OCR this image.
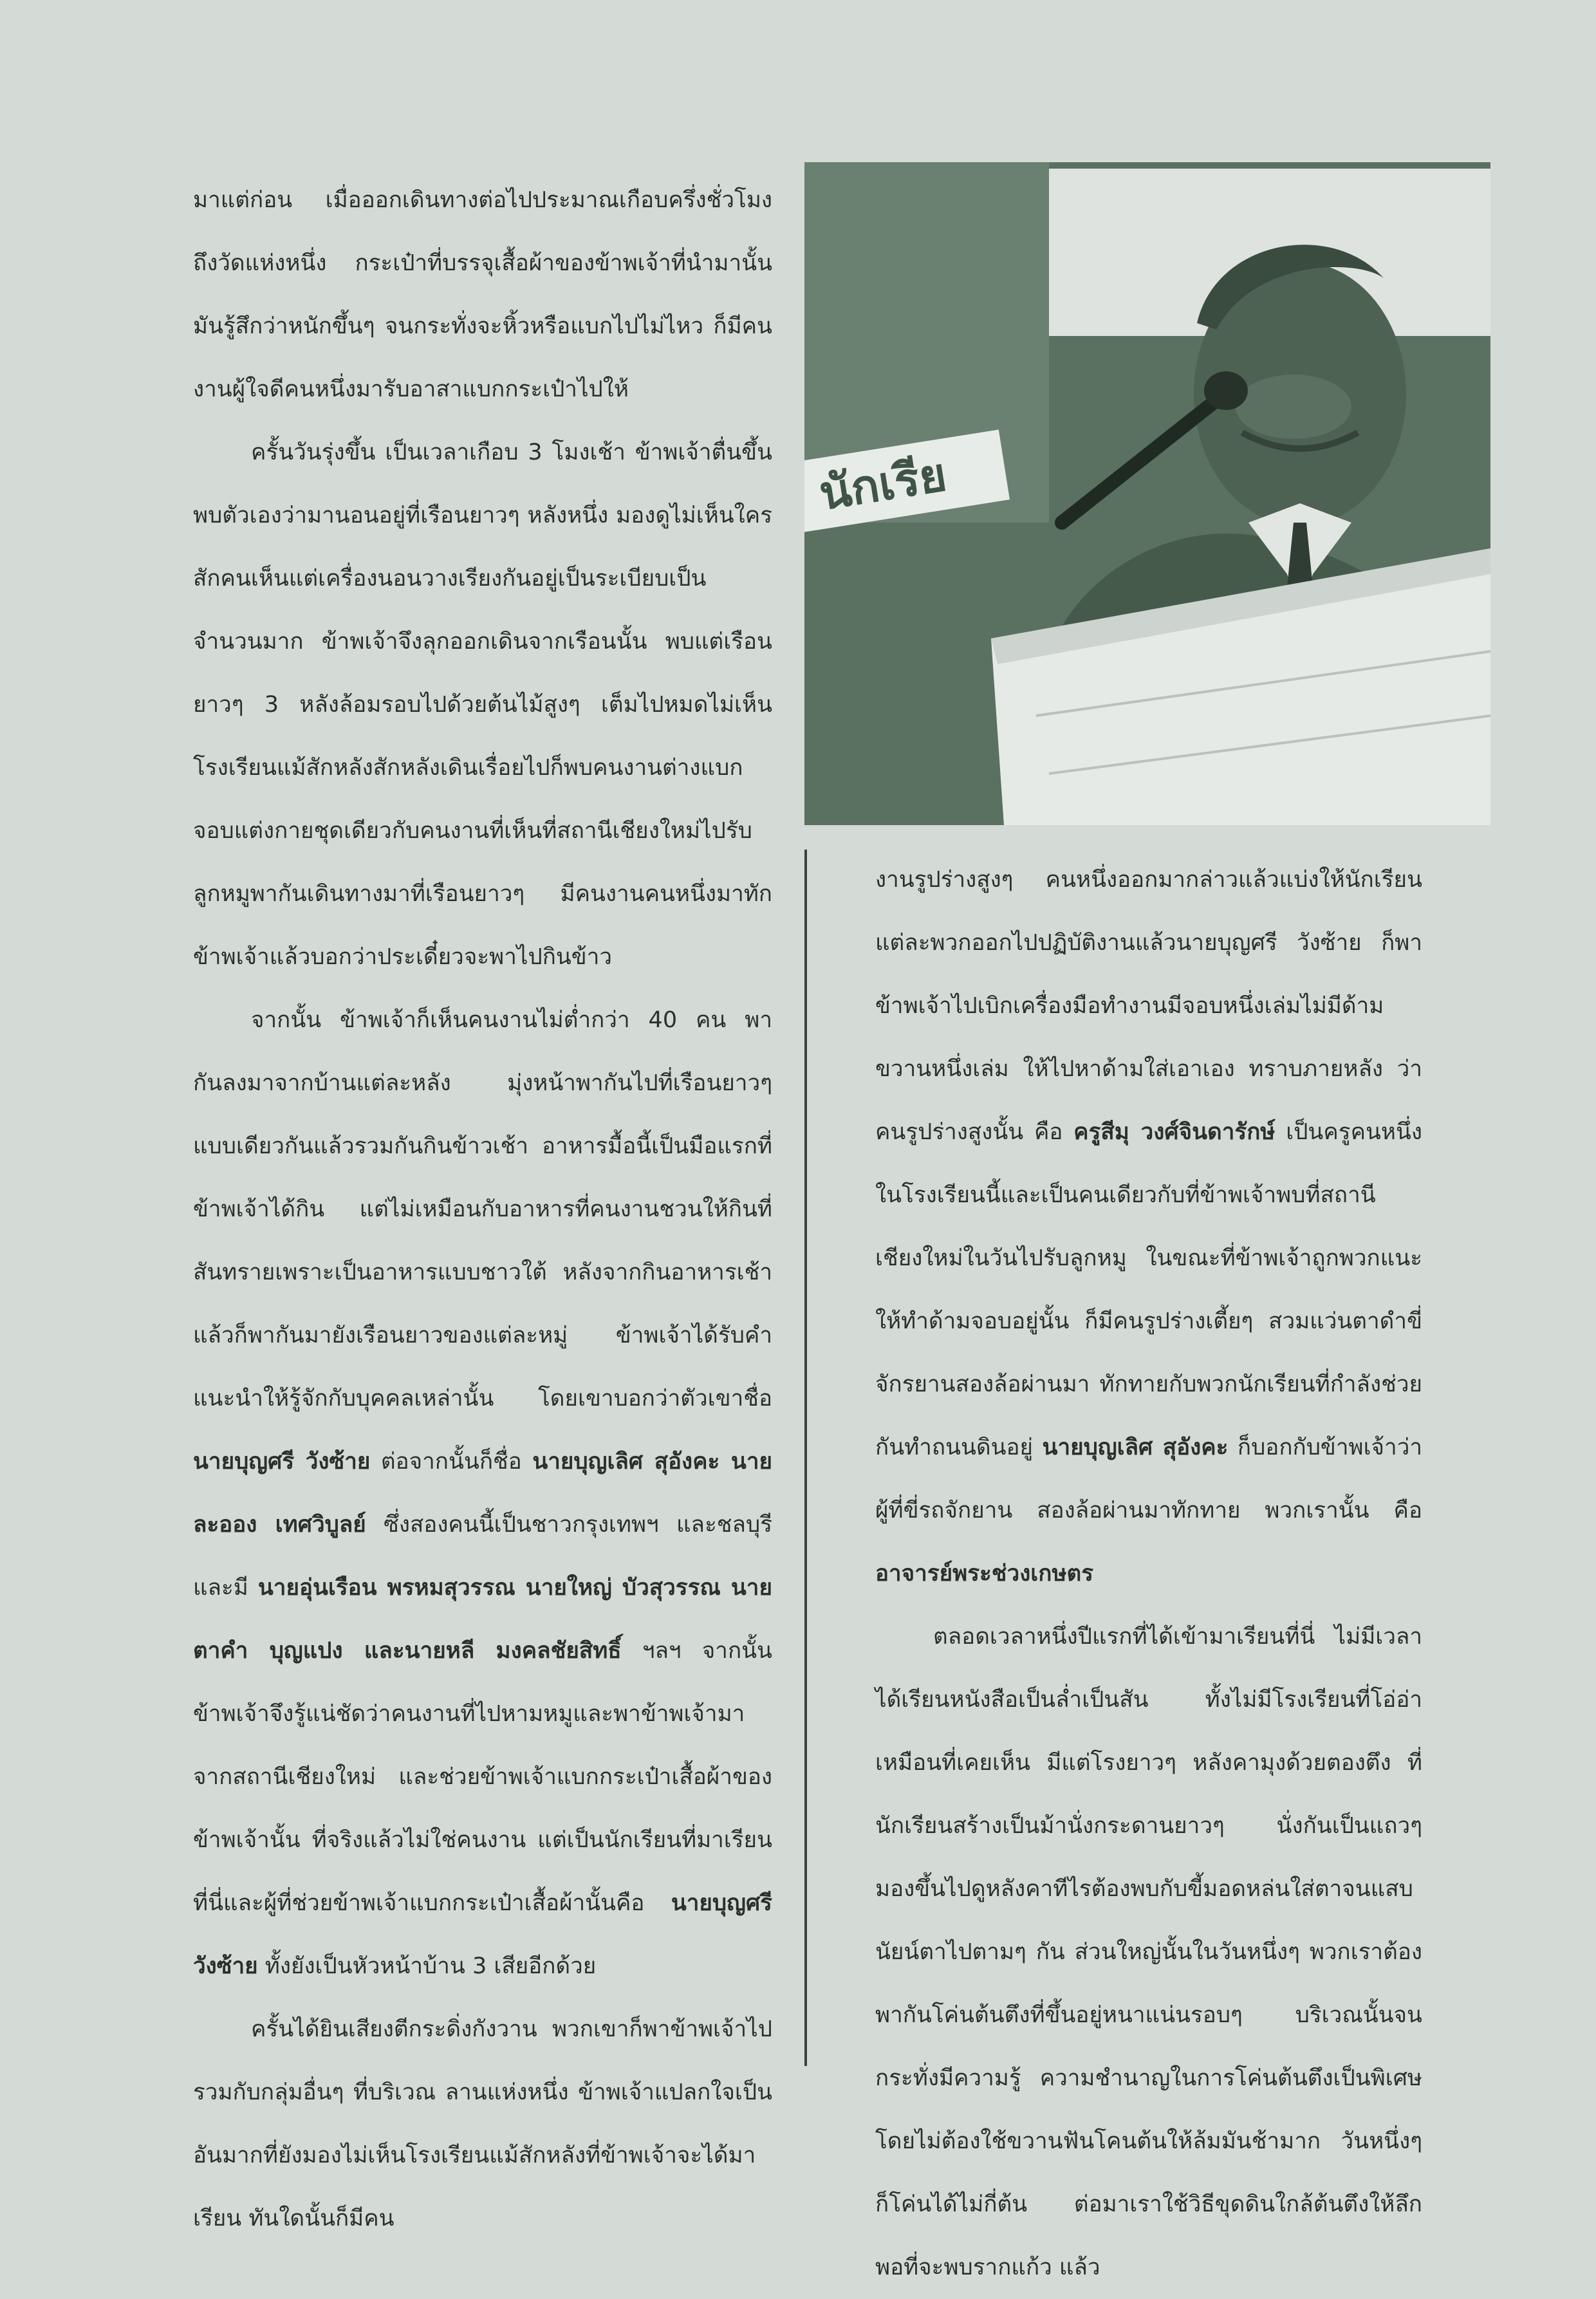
มาแต่ก่อน เมื่อออกเดินทางต่อไปประมาณเกือบครึ่งชั่วโมง ถึงวัดแห่งหนึ่ง กระเป๋าที่บรรจุเสื้อผ้าของข้าพเจ้าที่นำมานั้น มันรู้สึกว่าหนักขึ้นๆ จนกระทั่งจะหิ้วหรือแบกไปไม่ไหว ก็มีคนงานผู้ใจดีคนหนึ่งมารับอาสาแบกกระเป๋าไปให้

ครั้นวันรุ่งขึ้น เป็นเวลาเกือบ 3 โมงเช้า ข้าพเจ้าตื่นขึ้นพบตัวเองว่ามานอนอยู่ที่เรือนยาวๆ หลังหนึ่ง มองดูไม่เห็นใครสักคนเห็นแต่เครื่องนอนวางเรียงกันอยู่เป็นระเบียบเป็นจำนวนมาก ข้าพเจ้าจึงลุกออกเดินจากเรือนนั้น พบแต่เรือนยาวๆ 3 หลังล้อมรอบไปด้วยต้นไม้สูงๆ เต็มไปหมดไม่เห็นโรงเรียนแม้สักหลังสักหลังเดินเรื่อยไปก็พบคนงานต่างแบกจอบแต่งกายชุดเดียวกับคนงานที่เห็นที่สถานีเชียงใหม่ไปรับลูกหมูพากันเดินทางมาที่เรือนยาวๆ มีคนงานคนหนึ่งมาทักข้าพเจ้าแล้วบอกว่าประเดี๋ยวจะพาไปกินข้าว

จากนั้น ข้าพเจ้าก็เห็นคนงานไม่ต่ำกว่า 40 คน พากันลงมาจากบ้านแต่ละหลัง มุ่งหน้าพากันไปที่เรือนยาวๆ แบบเดียวกันแล้วรวมกันกินข้าวเช้า อาหารมื้อนี้เป็นมือแรกที่ข้าพเจ้าได้กิน แต่ไม่เหมือนกับอาหารที่คนงานชวนให้กินที่สันทรายเพราะเป็นอาหารแบบชาวใต้ หลังจากกินอาหารเช้าแล้วก็พากันมายังเรือนยาวของแต่ละหมู่ ข้าพเจ้าได้รับคำแนะนำให้รู้จักกับบุคคลเหล่านั้น โดยเขาบอกว่าตัวเขาชื่อ นายบุญศรี วังซ้าย ต่อจากนั้นก็ชื่อ นายบุญเลิศ สุอังคะ นายละออง เทศวิบูลย์ ซึ่งสองคนนี้เป็นชาวกรุงเทพฯ และชลบุรี และมี นายอุ่นเรือน พรหมสุวรรณ นายใหญ่ บัวสุวรรณ นายตาคำ บุญแปง และนายหลี มงคลชัยสิทธิ์ ฯลฯ จากนั้นข้าพเจ้าจึงรู้แน่ชัดว่าคนงานที่ไปหามหมูและพาข้าพเจ้ามาจากสถานีเชียงใหม่ และช่วยข้าพเจ้าแบกกระเป๋าเสื้อผ้าของข้าพเจ้านั้น ที่จริงแล้วไม่ใช่คนงาน แต่เป็นนักเรียนที่มาเรียนที่นี่และผู้ที่ช่วยข้าพเจ้าแบกกระเป๋าเสื้อผ้านั้นคือ นายบุญศรี วังซ้าย ทั้งยังเป็นหัวหน้าบ้าน 3 เสียอีกด้วย

ครั้นได้ยินเสียงตีกระดิ่งกังวาน พวกเขาก็พาข้าพเจ้าไปรวมกับกลุ่มอื่นๆ ที่บริเวณ ลานแห่งหนึ่ง ข้าพเจ้าแปลกใจเป็นอันมากที่ยังมองไม่เห็นโรงเรียนแม้สักหลังที่ข้าพเจ้าจะได้มาเรียน ทันใดนั้นก็มีคน

นักเรีย

งานรูปร่างสูงๆ คนหนึ่งออกมากล่าวแล้วแบ่งให้นักเรียนแต่ละพวกออกไปปฏิบัติงานแล้วนายบุญศรี วังซ้าย ก็พาข้าพเจ้าไปเบิกเครื่องมือทำงานมีจอบหนึ่งเล่มไม่มีด้าม ขวานหนึ่งเล่ม ให้ไปหาด้ามใส่เอาเอง ทราบภายหลัง ว่าคนรูปร่างสูงนั้น คือ ครูสีมุ วงศ์จินดารักษ์ เป็นครูคนหนึ่งในโรงเรียนนี้และเป็นคนเดียวกับที่ข้าพเจ้าพบที่สถานีเชียงใหม่ในวันไปรับลูกหมู ในขณะที่ข้าพเจ้าถูกพวกแนะให้ทำด้ามจอบอยู่นั้น ก็มีคนรูปร่างเตี้ยๆ สวมแว่นตาดำขี่จักรยานสองล้อผ่านมา ทักทายกับพวกนักเรียนที่กำลังช่วยกันทำถนนดินอยู่ นายบุญเลิศ สุอังคะ ก็บอกกับข้าพเจ้าว่า ผู้ที่ขี่รถจักยาน สองล้อผ่านมาทักทาย พวกเรานั้น คือ อาจารย์พระช่วงเกษตร

ตลอดเวลาหนึ่งปีแรกที่ได้เข้ามาเรียนที่นี่ ไม่มีเวลาได้เรียนหนังสือเป็นล่ำเป็นสัน ทั้งไม่มีโรงเรียนที่โอ่อ่าเหมือนที่เคยเห็น มีแต่โรงยาวๆ หลังคามุงด้วยตองตึง ที่นักเรียนสร้างเป็นม้านั่งกระดานยาวๆ นั่งกันเป็นแถวๆ มองขึ้นไปดูหลังคาทีไรต้องพบกับขี้มอดหล่นใส่ตาจนแสบนัยน์ตาไปตามๆ กัน ส่วนใหญ่นั้นในวันหนึ่งๆ พวกเราต้องพากันโค่นต้นตึงที่ขึ้นอยู่หนาแน่นรอบๆ บริเวณนั้นจนกระทั่งมีความรู้ ความชำนาญในการโค่นต้นตึงเป็นพิเศษ โดยไม่ต้องใช้ขวานฟันโคนต้นให้ล้มมันช้ามาก วันหนึ่งๆ ก็โค่นได้ไม่กี่ต้น ต่อมาเราใช้วิธีขุดดินใกล้ต้นตึงให้ลึกพอที่จะพบรากแก้ว แล้ว
